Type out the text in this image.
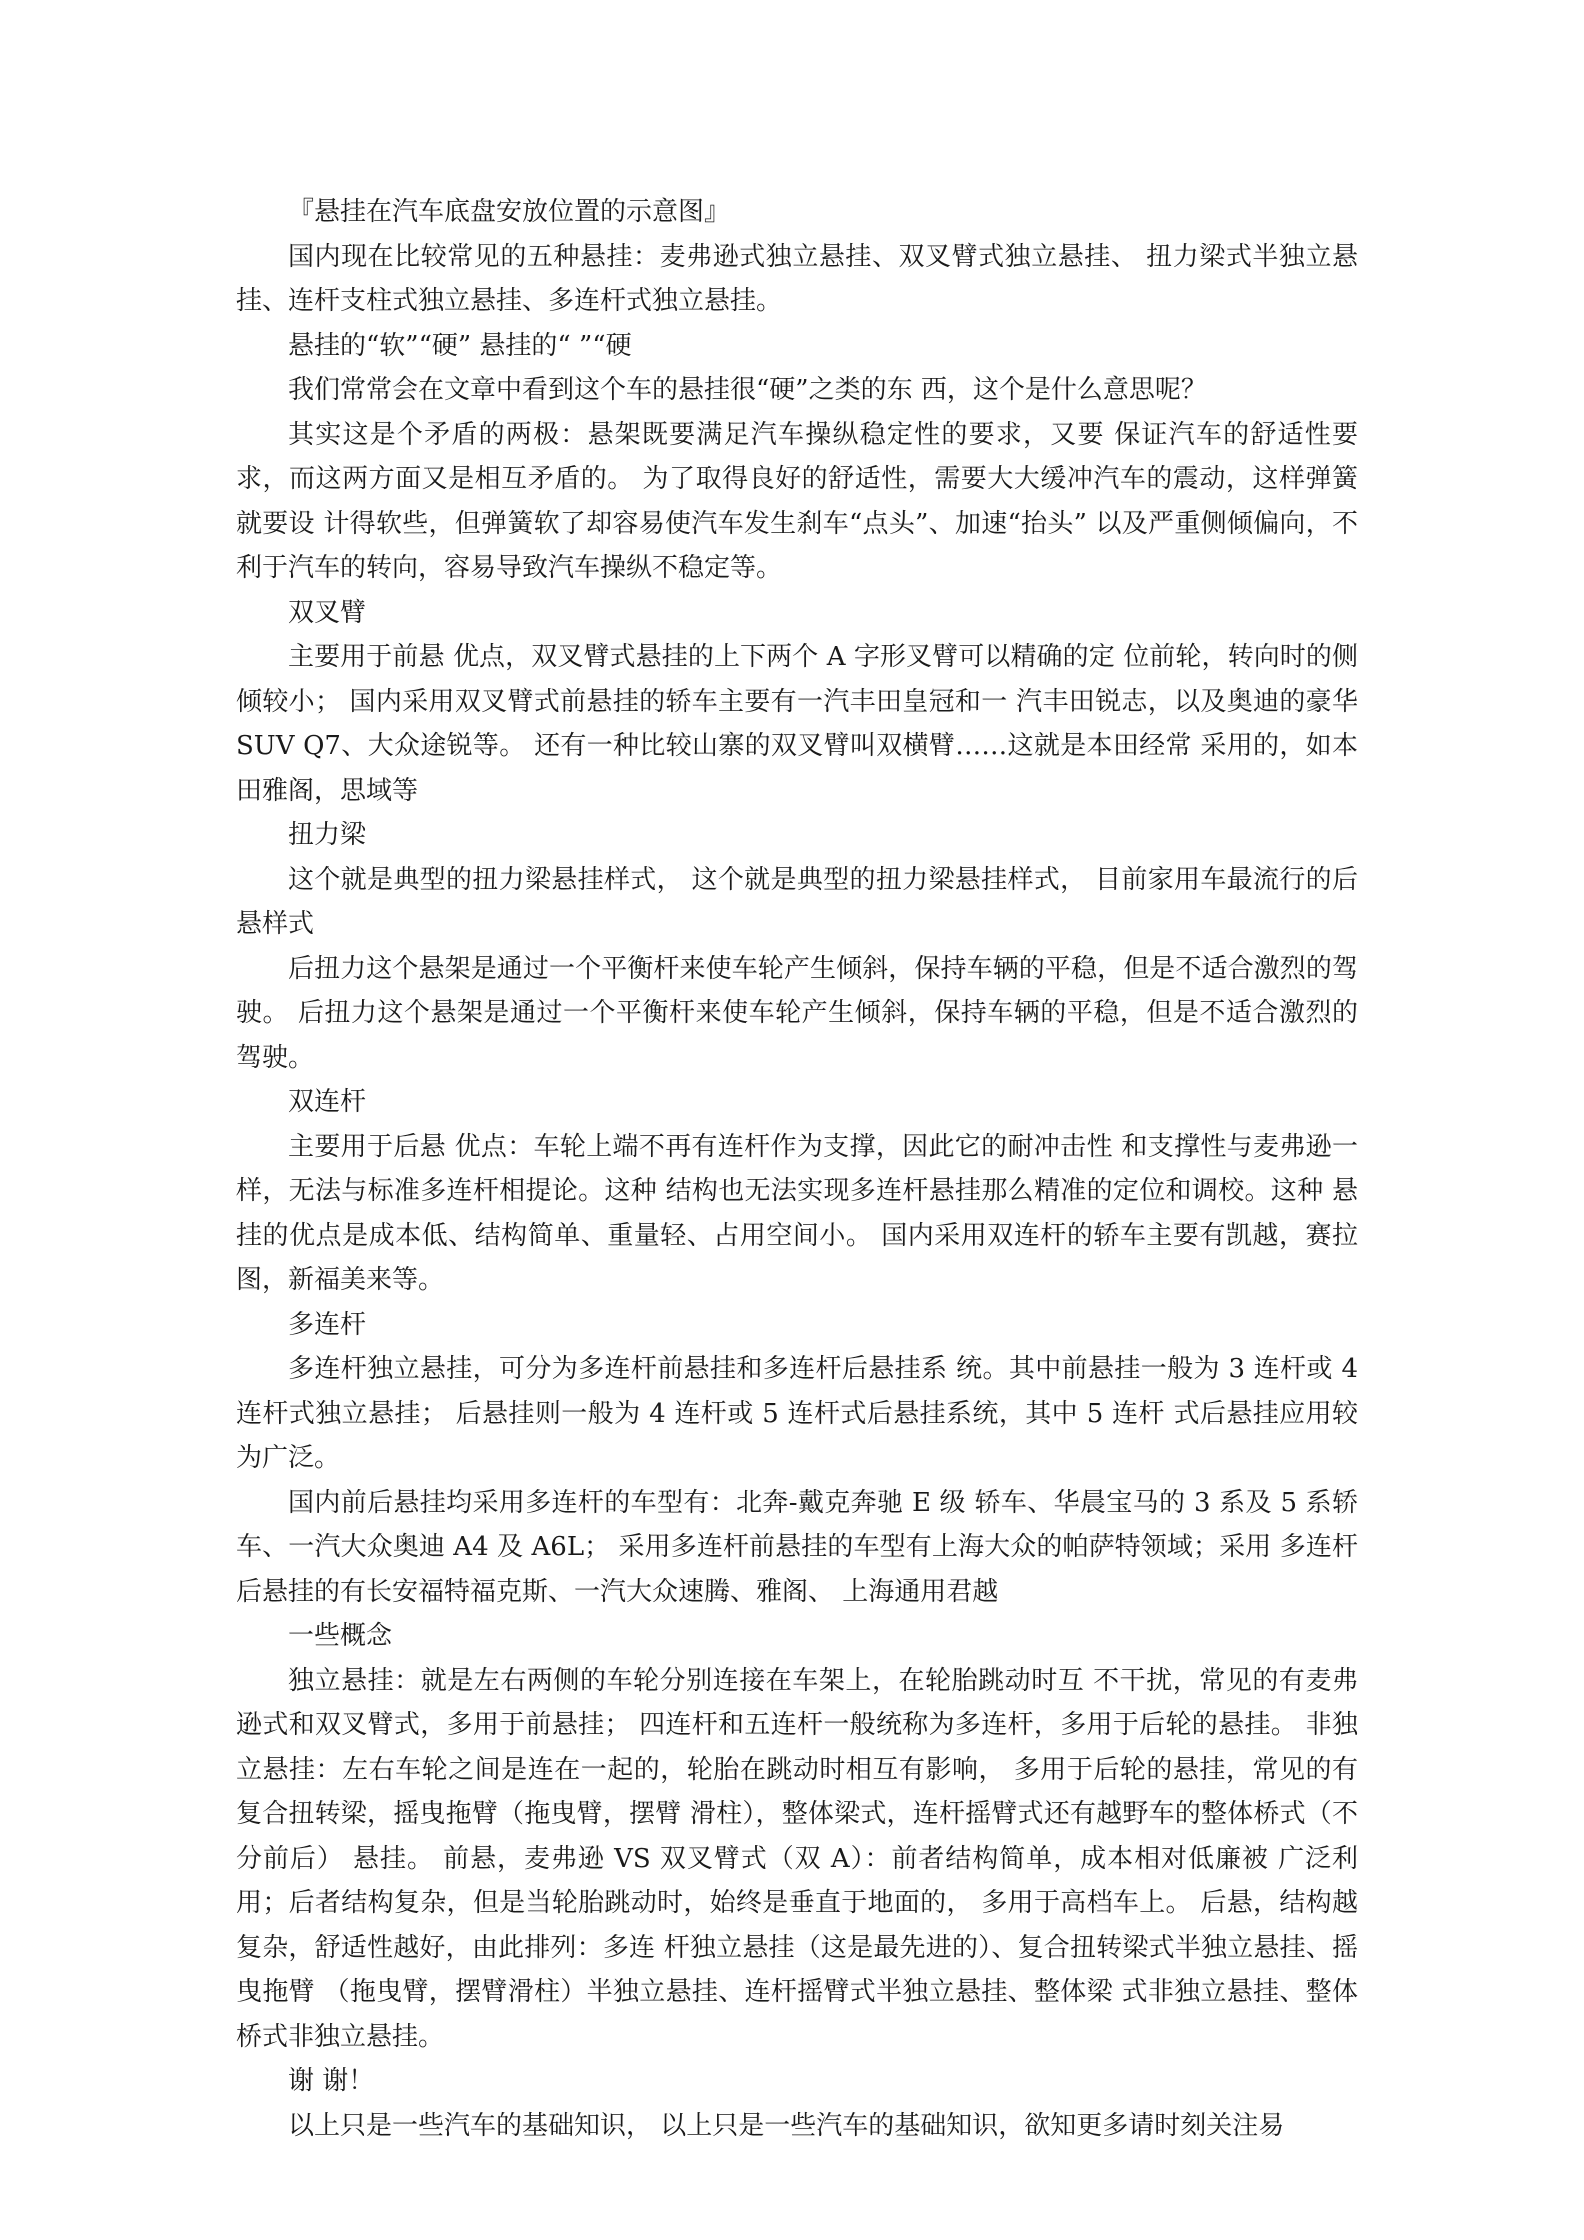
『悬挂在汽车底盘安放位置的示意图』

国内现在比较常见的五种悬挂：麦弗逊式独立悬挂、双叉臂式独立悬挂、 扭力梁式半独立悬挂、连杆支柱式独立悬挂、多连杆式独立悬挂。

悬挂的“软”“硬” 悬挂的“ ”“硬

我们常常会在文章中看到这个车的悬挂很“硬”之类的东 西，这个是什么意思呢？

其实这是个矛盾的两极：悬架既要满足汽车操纵稳定性的要求，又要 保证汽车的舒适性要求，而这两方面又是相互矛盾的。 为了取得良好的舒适性，需要大大缓冲汽车的震动，这样弹簧就要设 计得软些，但弹簧软了却容易使汽车发生刹车“点头”、加速“抬头” 以及严重侧倾偏向，不利于汽车的转向，容易导致汽车操纵不稳定等。

双叉臂

主要用于前悬 优点，双叉臂式悬挂的上下两个 A 字形叉臂可以精确的定 位前轮，转向时的侧倾较小； 国内采用双叉臂式前悬挂的轿车主要有一汽丰田皇冠和一 汽丰田锐志，以及奥迪的豪华 SUV Q7、大众途锐等。 还有一种比较山寨的双叉臂叫双横臂……这就是本田经常 采用的，如本田雅阁，思域等

扭力梁

这个就是典型的扭力梁悬挂样式， 这个就是典型的扭力梁悬挂样式， 目前家用车最流行的后悬样式

后扭力这个悬架是通过一个平衡杆来使车轮产生倾斜，保持车辆的平稳，但是不适合激烈的驾驶。 后扭力这个悬架是通过一个平衡杆来使车轮产生倾斜，保持车辆的平稳，但是不适合激烈的驾驶。

双连杆

主要用于后悬 优点：车轮上端不再有连杆作为支撑，因此它的耐冲击性 和支撑性与麦弗逊一样，无法与标准多连杆相提论。这种 结构也无法实现多连杆悬挂那么精准的定位和调校。这种 悬挂的优点是成本低、结构简单、重量轻、占用空间小。 国内采用双连杆的轿车主要有凯越，赛拉图，新福美来等。

多连杆

多连杆独立悬挂，可分为多连杆前悬挂和多连杆后悬挂系 统。其中前悬挂一般为 3 连杆或 4 连杆式独立悬挂； 后悬挂则一般为 4 连杆或 5 连杆式后悬挂系统，其中 5 连杆 式后悬挂应用较为广泛。

国内前后悬挂均采用多连杆的车型有：北奔-戴克奔驰 E 级 轿车、华晨宝马的 3 系及 5 系轿车、一汽大众奥迪 A4 及 A6L； 采用多连杆前悬挂的车型有上海大众的帕萨特领域；采用 多连杆后悬挂的有长安福特福克斯、一汽大众速腾、雅阁、 上海通用君越

一些概念

独立悬挂：就是左右两侧的车轮分别连接在车架上，在轮胎跳动时互 不干扰，常见的有麦弗逊式和双叉臂式，多用于前悬挂； 四连杆和五连杆一般统称为多连杆，多用于后轮的悬挂。 非独立悬挂：左右车轮之间是连在一起的，轮胎在跳动时相互有影响， 多用于后轮的悬挂，常见的有复合扭转梁，摇曳拖臂（拖曳臂，摆臂 滑柱），整体梁式，连杆摇臂式还有越野车的整体桥式（不分前后） 悬挂。 前悬，麦弗逊 VS 双叉臂式（双 A）：前者结构简单，成本相对低廉被 广泛利用；后者结构复杂，但是当轮胎跳动时，始终是垂直于地面的， 多用于高档车上。 后悬，结构越复杂，舒适性越好，由此排列：多连 杆独立悬挂（这是最先进的）、复合扭转梁式半独立悬挂、摇曳拖臂 （拖曳臂，摆臂滑柱）半独立悬挂、连杆摇臂式半独立悬挂、整体梁 式非独立悬挂、整体桥式非独立悬挂。

谢 谢！

以上只是一些汽车的基础知识， 以上只是一些汽车的基础知识，欲知更多请时刻关注易
